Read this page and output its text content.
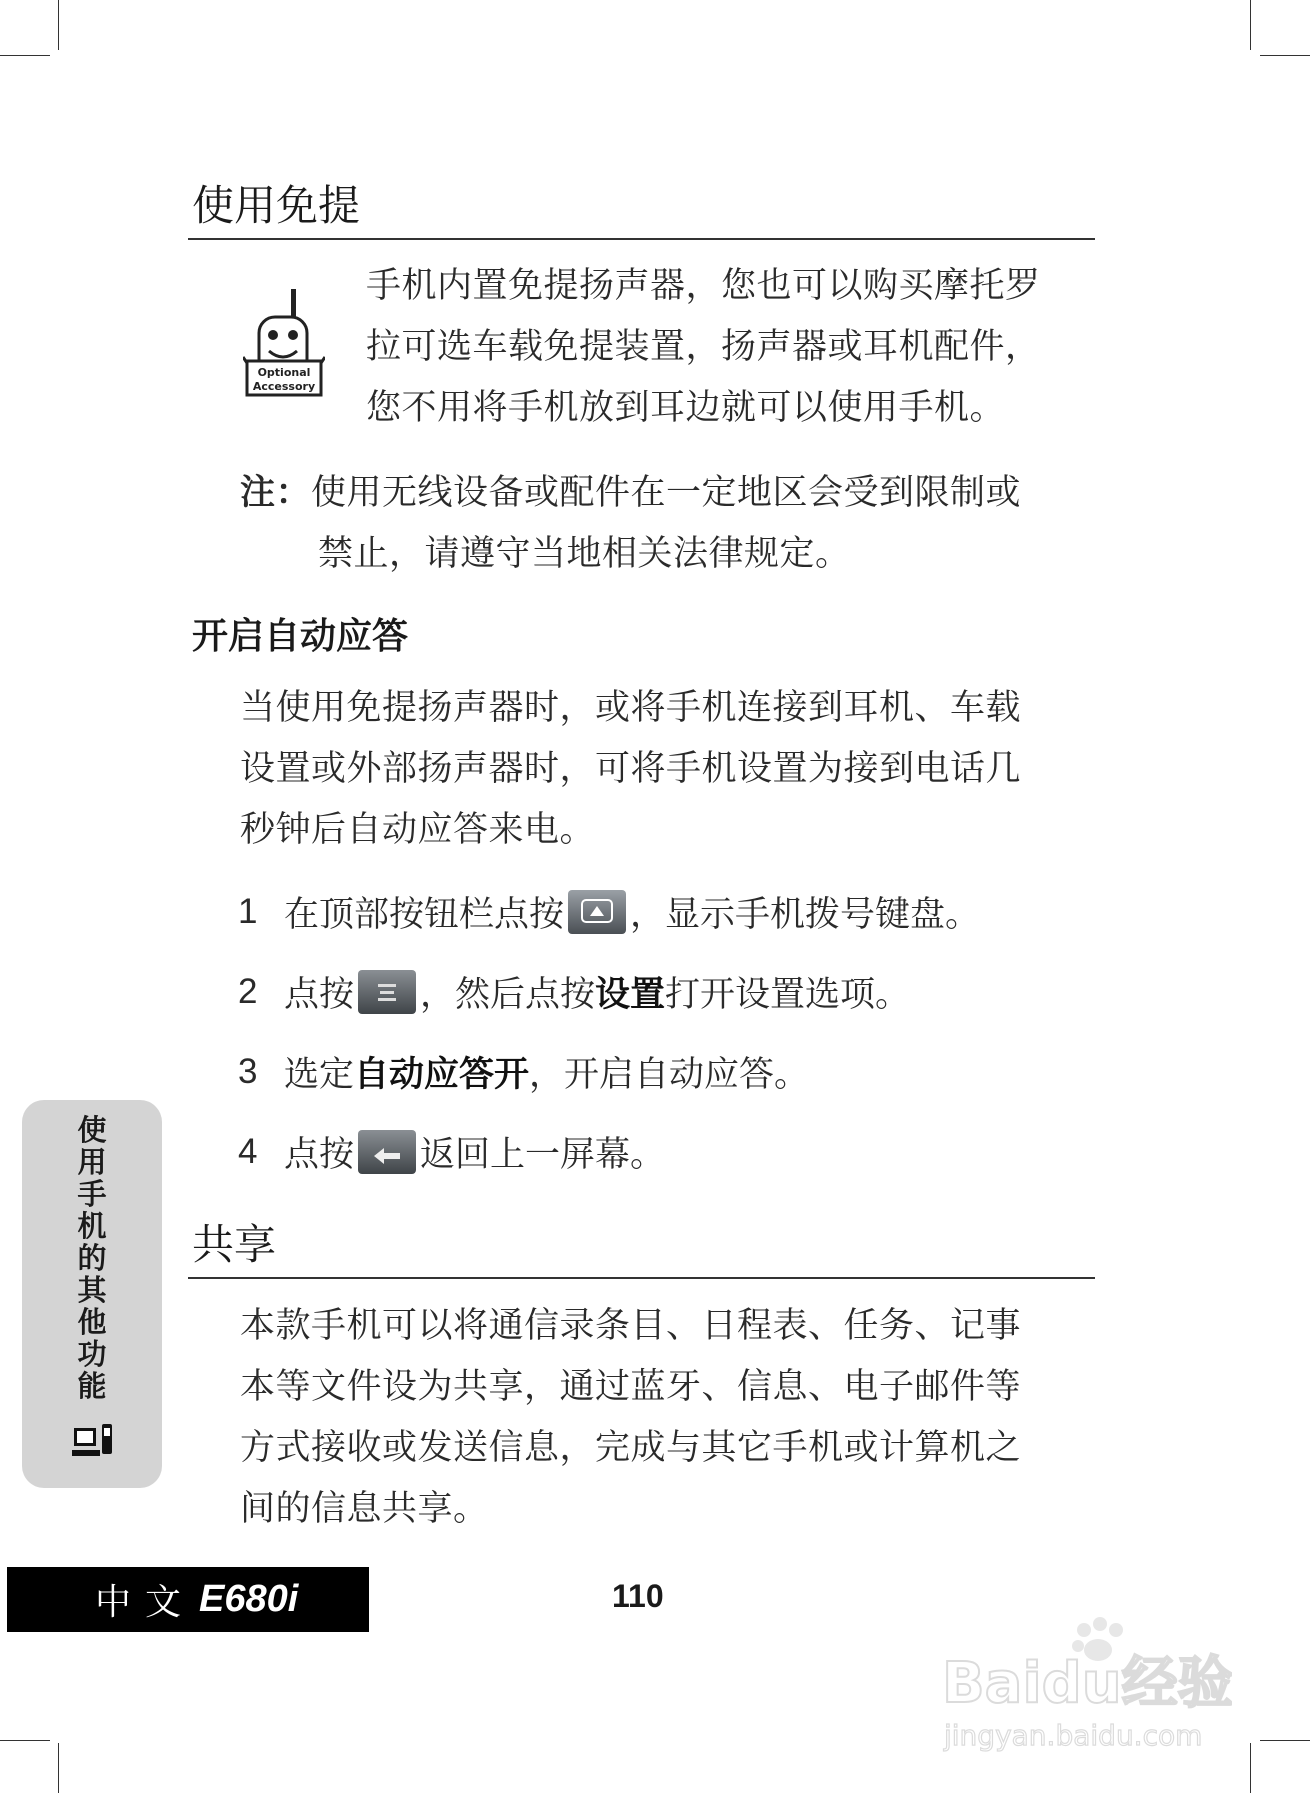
使用免提
Optional
Accessory
手机内置免提扬声器，您也可以购买摩托罗
拉可选车载免提装置，扬声器或耳机配件，
您不用将手机放到耳边就可以使用手机。
注：使用无线设备或配件在一定地区会受到限制或
禁止，请遵守当地相关法律规定。
开启自动应答
当使用免提扬声器时，或将手机连接到耳机、车载
设置或外部扬声器时，可将手机设置为接到电话几
秒钟后自动应答来电。
1 在顶部按钮栏点按 ，显示手机拨号键盘。
2 点按 ，然后点按 设置 打开设置选项。
3 选定 自动应答开 ，开启自动应答。
4 点按 返回上一屏幕。
共享
本款手机可以将通信录条目、日程表、任务、记事
本等文件设为共享，通过蓝牙、信息、电子邮件等
方式接收或发送信息，完成与其它手机或计算机之
间的信息共享。
使
用
手
机
的
其
他
功
能
中文 E680i	110
Baidu经验
jingyan.baidu.com
